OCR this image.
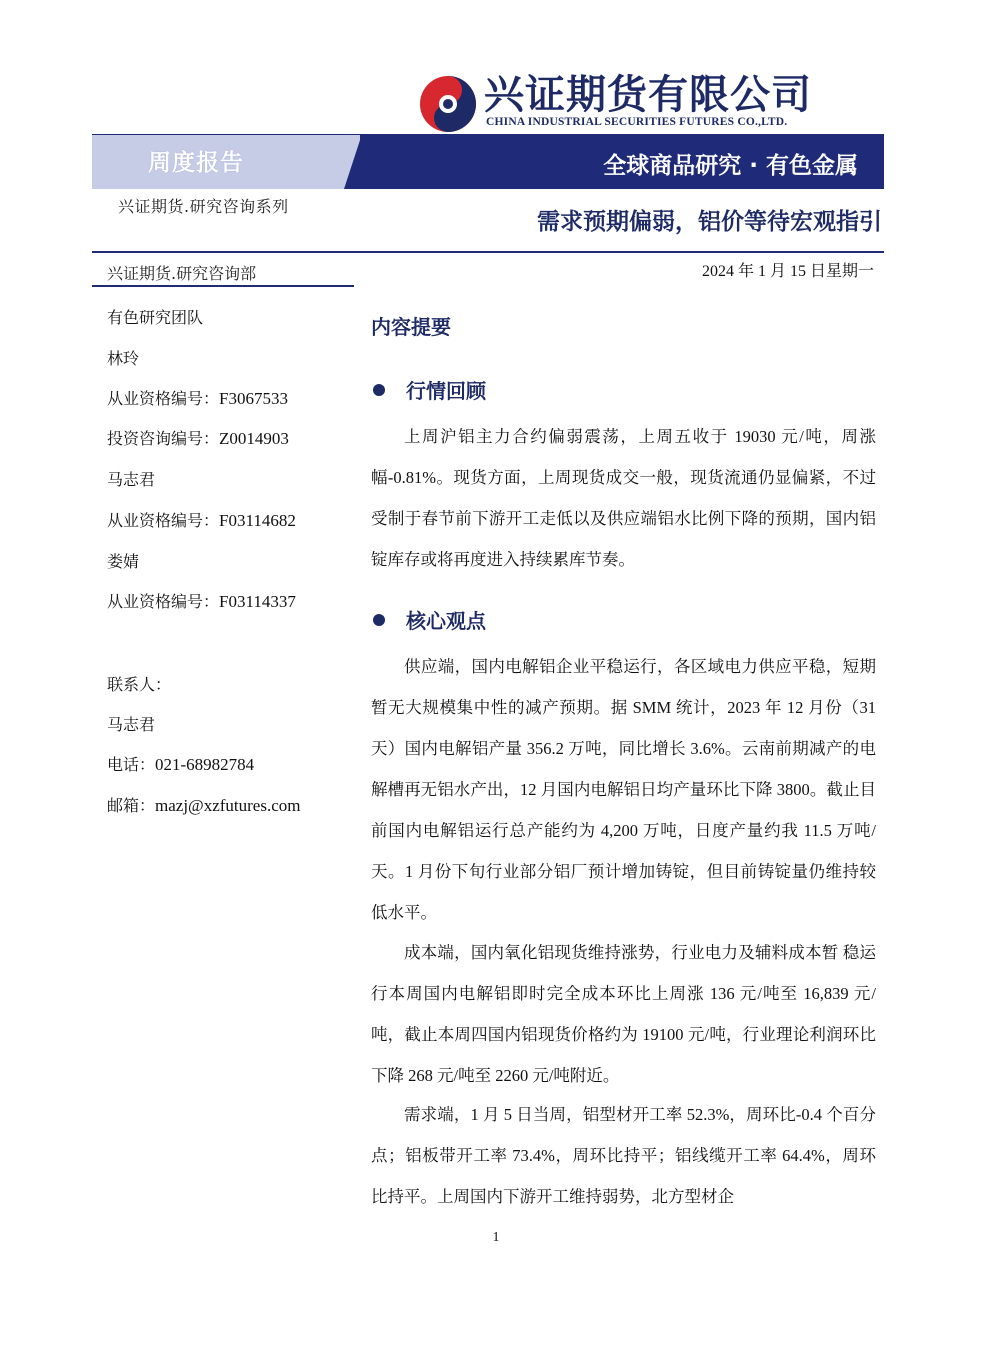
兴证期货有限公司
CHINA INDUSTRIAL SECURITIES FUTURES CO.,LTD.
周度报告	全球商品研究 · 有色金属
兴证期货.研究咨询系列
需求预期偏弱，铝价等待宏观指引
兴证期货.研究咨询部
有色研究团队
林玲
从业资格编号：F3067533
投资咨询编号：Z0014903
马志君
从业资格编号：F03114682
娄婧
从业资格编号：F03114337
联系人：
马志君
电话：021-68982784
邮箱：mazj@xzfutures.com
2024 年 1 月 15 日星期一
内容提要
行情回顾

上周沪铝主力合约偏弱震荡，上周五收于 19030 元/吨，周涨幅-0.81%。现货方面，上周现货成交一般，现货流通仍显偏紧，不过受制于春节前下游开工走低以及供应端铝水比例下降的预期，国内铝锭库存或将再度进入持续累库节奏。

核心观点

供应端，国内电解铝企业平稳运行，各区域电力供应平稳，短期暂无大规模集中性的减产预期。据 SMM 统计，2023 年 12 月份（31 天）国内电解铝产量 356.2 万吨，同比增长 3.6%。云南前期减产的电解槽再无铝水产出，12 月国内电解铝日均产量环比下降 3800。截止目前国内电解铝运行总产能约为 4,200 万吨，日度产量约我 11.5 万吨/天。1 月份下旬行业部分铝厂预计增加铸锭，但目前铸锭量仍维持较低水平。

成本端，国内氧化铝现货维持涨势，行业电力及辅料成本暂 稳运行本周国内电解铝即时完全成本环比上周涨 136 元/吨至 16,839 元/吨，截止本周四国内铝现货价格约为 19100 元/吨，行业理论利润环比下降 268 元/吨至 2260 元/吨附近。

需求端，1 月 5 日当周，铝型材开工率 52.3%，周环比-0.4 个百分点；铝板带开工率 73.4%，周环比持平；铝线缆开工率 64.4%，周环比持平。上周国内下游开工维持弱势，北方型材企

1
